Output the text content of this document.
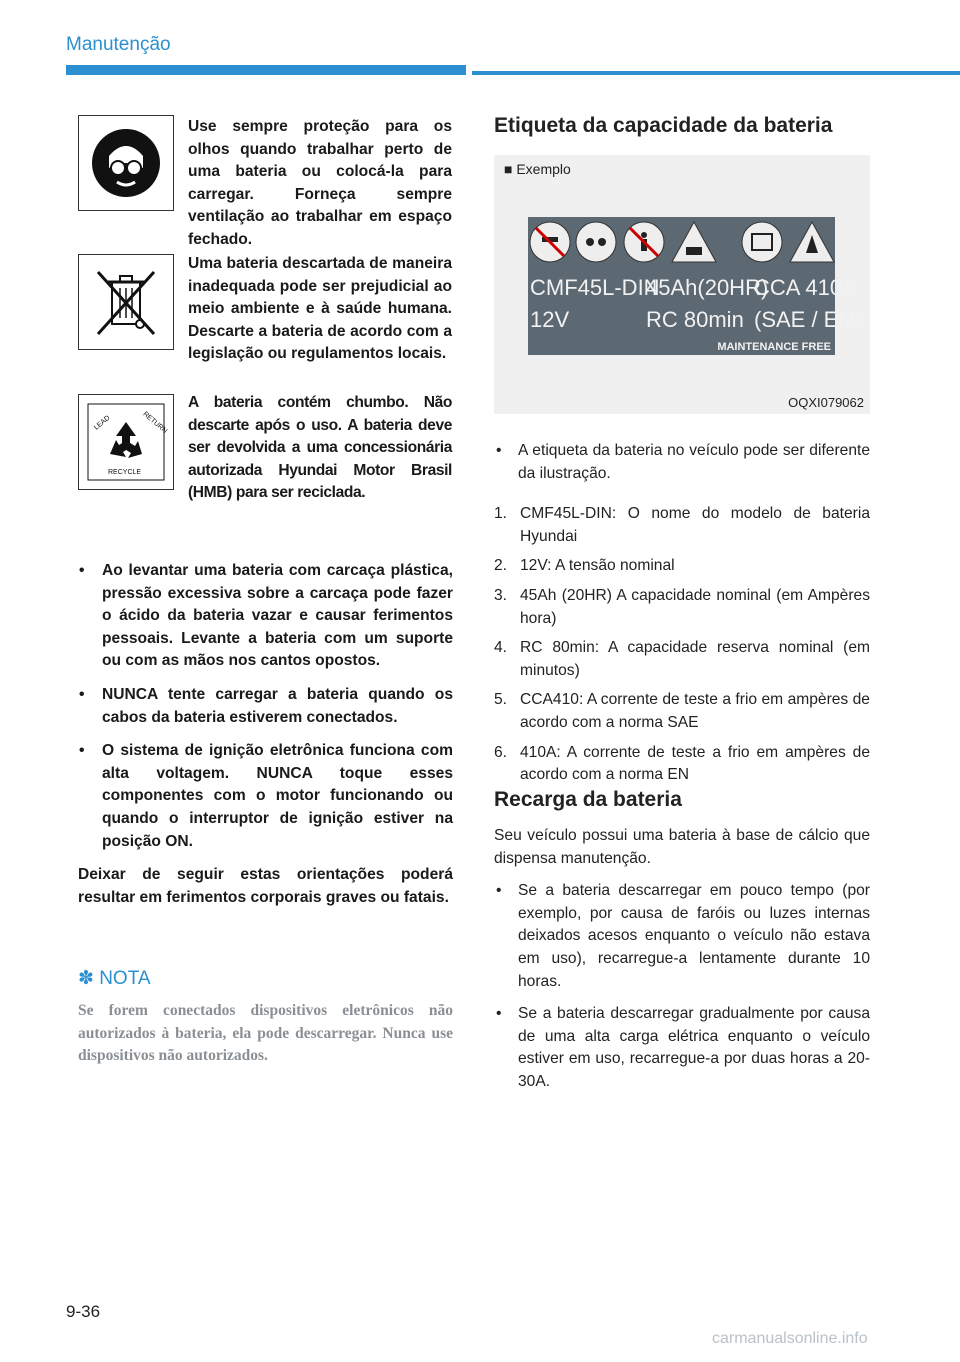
Manutenção
Use sempre proteção para os olhos quando trabalhar perto de uma bateria ou colocá-la para carregar. Forneça sempre ventilação ao trabalhar em espaço fechado.
Uma bateria descartada de maneira inadequada pode ser prejudicial ao meio ambiente e à saúde humana. Descarte a bateria de acordo com a legislação ou regulamentos locais.
LEAD	RETURN
RECYCLE
A bateria contém chumbo. Não descarte após o uso. A bateria deve ser devolvida a uma concessionária autorizada Hyundai Motor Brasil (HMB) para ser reciclada.
• Ao levantar uma bateria com carcaça plástica, pressão excessiva sobre a carcaça pode fazer o ácido da bateria vazar e causar ferimentos pessoais. Levante a bateria com um suporte ou com as mãos nos cantos opostos.
• NUNCA tente carregar a bateria quando os cabos da bateria estiverem conectados.
• O sistema de ignição eletrônica funciona com alta voltagem. NUNCA toque esses componentes com o motor funcionando ou quando o interruptor de ignição estiver na posição ON.
Deixar de seguir estas orientações poderá resultar em ferimentos corporais graves ou fatais.
✽ NOTA
Se forem conectados dispositivos eletrônicos não autorizados à bateria, ela pode descarregar. Nunca use dispositivos não autorizados.
Etiqueta da capacidade da bateria
■ Exemplo
CMF45L-DIN
45Ah(20HR)
CCA 410A
12V	RC 80min (SAE / EN)
MAINTENANCE FREE
OQXI079062
• A etiqueta da bateria no veículo pode ser diferente da ilustração.
1. CMF45L-DIN: O nome do modelo de bateria Hyundai
2. 12V: A tensão nominal
3. 45Ah (20HR) A capacidade nominal (em Ampères hora)
4. RC 80min: A capacidade reserva nominal (em minutos)
5. CCA410: A corrente de teste a frio em ampères de acordo com a norma SAE
6. 410A: A corrente de teste a frio em ampères de acordo com a norma EN
Recarga da bateria
Seu veículo possui uma bateria à base de cálcio que dispensa manutenção.
• Se a bateria descarregar em pouco tempo (por exemplo, por causa de faróis ou luzes internas deixados acesos enquanto o veículo não estava em uso), recarregue-a lentamente durante 10 horas.
• Se a bateria descarregar gradualmente por causa de uma alta carga elétrica enquanto o veículo estiver em uso, recarregue-a por duas horas a 20-30A.
9-36
carmanualsonline.info
